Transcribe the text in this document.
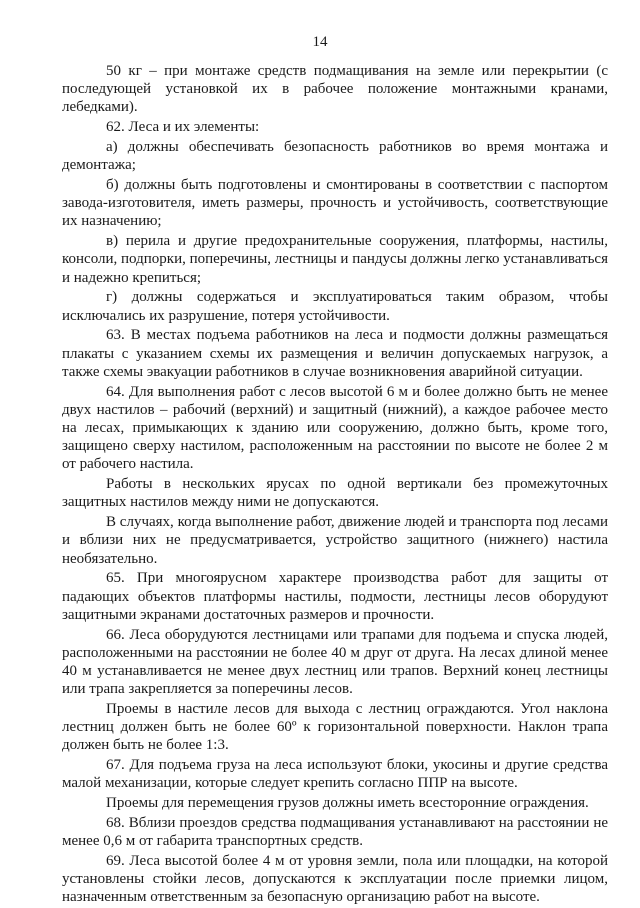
14

50 кг – при монтаже средств подмащивания на земле или перекрытии (с последующей установкой их в рабочее положение монтажными кранами, лебедками).

62. Леса и их элементы:

а) должны обеспечивать безопасность работников во время монтажа и демонтажа;

б) должны быть подготовлены и смонтированы в соответствии с паспортом завода-изготовителя, иметь размеры, прочность и устойчивость, соответствующие их назначению;

в) перила и другие предохранительные сооружения, платформы, настилы, консоли, подпорки, поперечины, лестницы и пандусы должны легко устанавливаться и надежно крепиться;

г) должны содержаться и эксплуатироваться таким образом, чтобы исключались их разрушение, потеря устойчивости.

63. В местах подъема работников на леса и подмости должны размещаться плакаты с указанием схемы их размещения и величин допускаемых нагрузок, а также схемы эвакуации работников в случае возникновения аварийной ситуации.

64. Для выполнения работ с лесов высотой 6 м и более должно быть не менее двух настилов – рабочий (верхний) и защитный (нижний), а каждое рабочее место на лесах, примыкающих к зданию или сооружению, должно быть, кроме того, защищено сверху настилом, расположенным на расстоянии по высоте не более 2 м от рабочего настила.

Работы в нескольких ярусах по одной вертикали без промежуточных защитных настилов между ними не допускаются.

В случаях, когда выполнение работ, движение людей и транспорта под лесами и вблизи них не предусматривается, устройство защитного (нижнего) настила необязательно.

65. При многоярусном характере производства работ для защиты от падающих объектов платформы настилы, подмости, лестницы лесов оборудуют защитными экранами достаточных размеров и прочности.

66. Леса оборудуются лестницами или трапами для подъема и спуска людей, расположенными на расстоянии не более 40 м друг от друга. На лесах длиной менее 40 м устанавливается не менее двух лестниц или трапов. Верхний конец лестницы или трапа закрепляется за поперечины лесов.

Проемы в настиле лесов для выхода с лестниц ограждаются. Угол наклона лестниц должен быть не более 60º к горизонтальной поверхности. Наклон трапа должен быть не более 1:3.

67. Для подъема груза на леса используют блоки, укосины и другие средства малой механизации, которые следует крепить согласно ППР на высоте.

Проемы для перемещения грузов должны иметь всесторонние ограждения.

68. Вблизи проездов средства подмащивания устанавливают на расстоянии не менее 0,6 м от габарита транспортных средств.

69. Леса высотой более 4 м от уровня земли, пола или площадки, на которой установлены стойки лесов, допускаются к эксплуатации после приемки лицом, назначенным ответственным за безопасную организацию работ на высоте.
